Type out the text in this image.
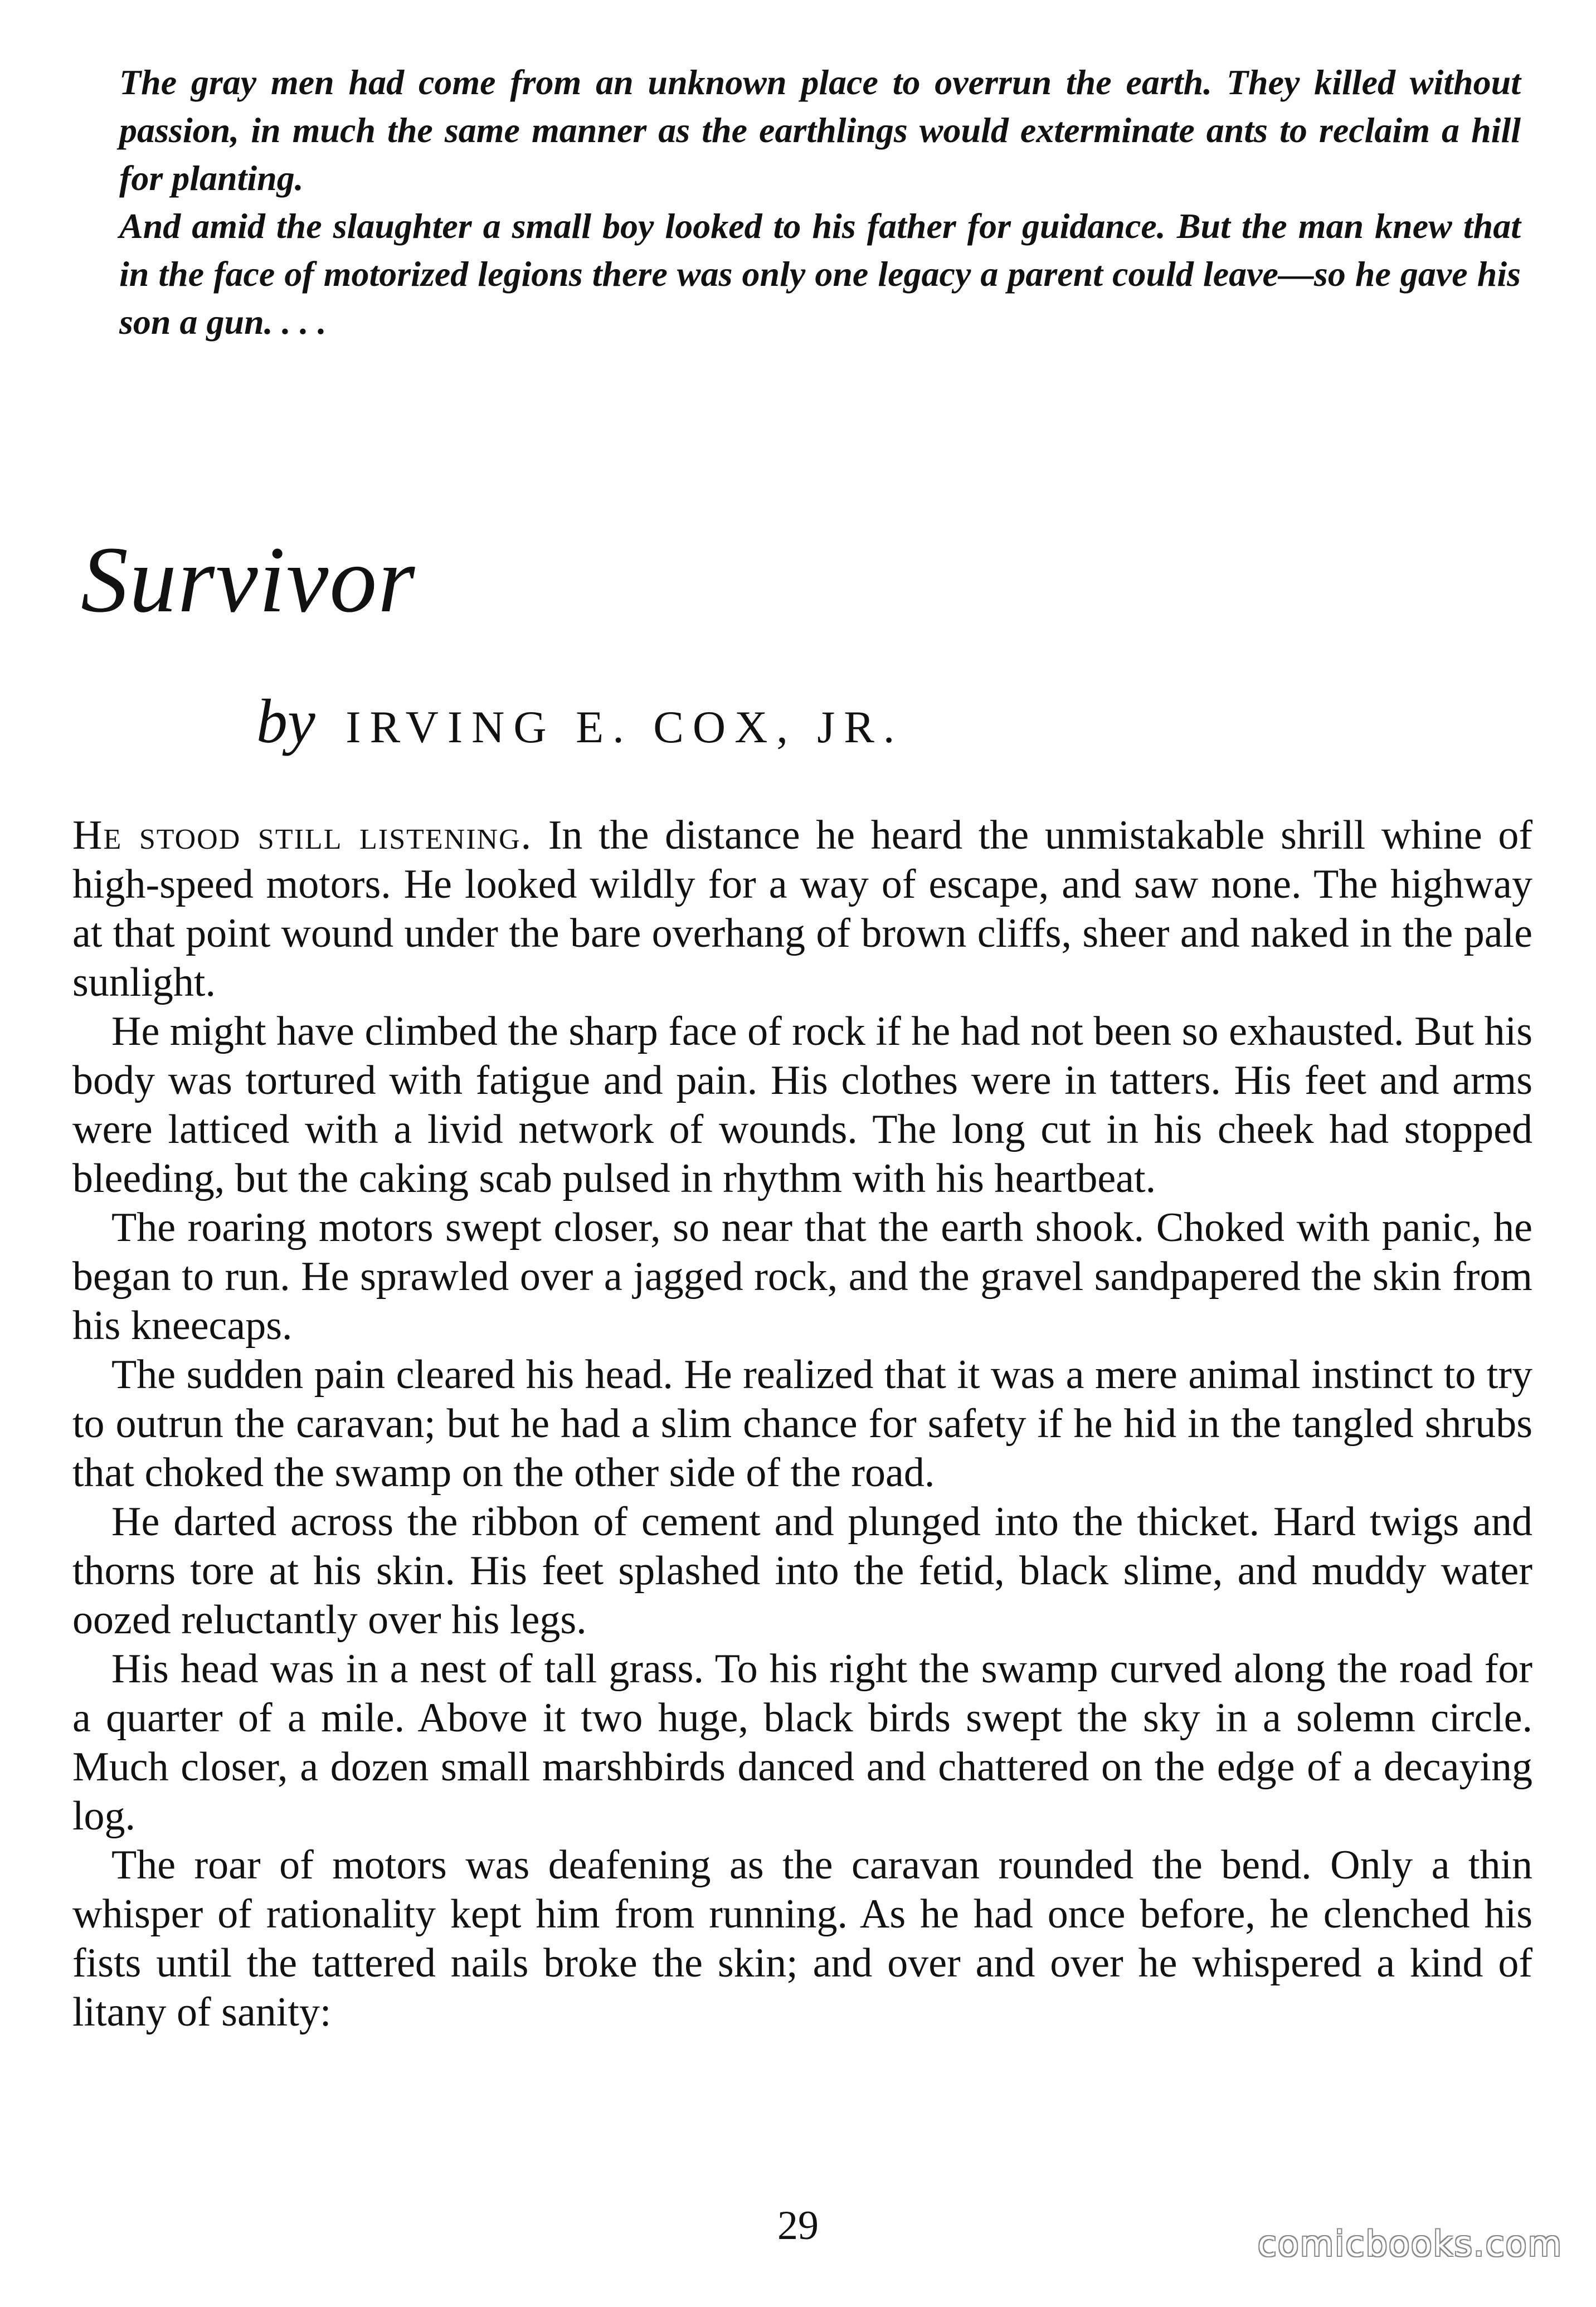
The gray men had come from an unknown place to overrun the earth. They killed without passion, in much the same manner as the earthlings would exterminate ants to reclaim a hill for planting.

And amid the slaughter a small boy looked to his father for guidance. But the man knew that in the face of motorized legions there was only one legacy a parent could leave—so he gave his son a gun. . . .

Survivor
by IRVING E. COX, JR.

He stood still listening. In the distance he heard the unmistakable shrill whine of high-speed motors. He looked wildly for a way of escape, and saw none. The highway at that point wound under the bare overhang of brown cliffs, sheer and naked in the pale sunlight.

He might have climbed the sharp face of rock if he had not been so exhausted. But his body was tortured with fatigue and pain. His clothes were in tatters. His feet and arms were latticed with a livid network of wounds. The long cut in his cheek had stopped bleeding, but the caking scab pulsed in rhythm with his heartbeat.

The roaring motors swept closer, so near that the earth shook. Choked with panic, he began to run. He sprawled over a jagged rock, and the gravel sandpapered the skin from his kneecaps.

The sudden pain cleared his head. He realized that it was a mere animal instinct to try to outrun the caravan; but he had a slim chance for safety if he hid in the tangled shrubs that choked the swamp on the other side of the road.

He darted across the ribbon of cement and plunged into the thicket. Hard twigs and thorns tore at his skin. His feet splashed into the fetid, black slime, and muddy water oozed reluctantly over his legs.

His head was in a nest of tall grass. To his right the swamp curved along the road for a quarter of a mile. Above it two huge, black birds swept the sky in a solemn circle. Much closer, a dozen small marshbirds danced and chattered on the edge of a decaying log.

The roar of motors was deafening as the caravan rounded the bend. Only a thin whisper of rationality kept him from running. As he had once before, he clenched his fists until the tattered nails broke the skin; and over and over he whispered a kind of litany of sanity:

29	comicbooks.com
